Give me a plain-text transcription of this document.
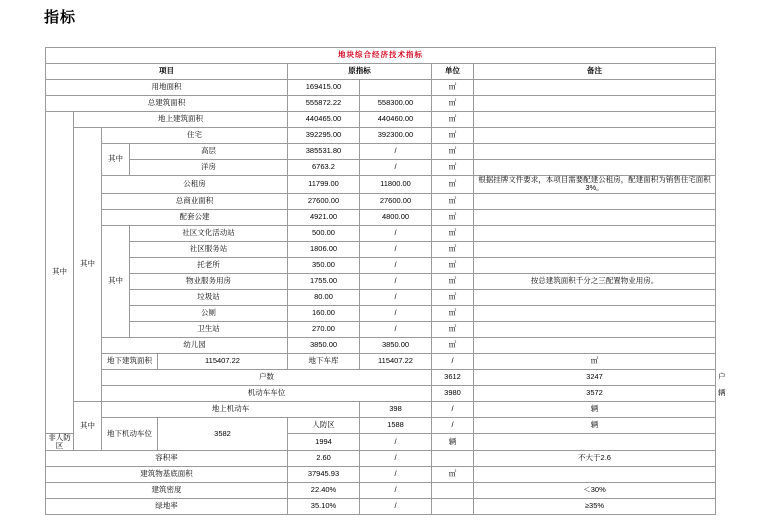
指标
地块综合经济技术指标									
项目					原指标		单位	备注	
用地面积					169415.00		㎡		
总建筑面积					555872.22	558300.00	㎡		
其中	地上建筑面积				440465.00	440460.00	㎡		
	其中	住宅			392295.00	392300.00	㎡		
		其中	高层		385531.80	/	㎡		
			洋房		6763.2	/	㎡		
		公租房			11799.00	11800.00	㎡	根据挂牌文件要求，本项目需要配建公租房，配建面积为销售住宅面积3%。	
		总商业面积			27600.00	27600.00	㎡		
		配套公建			4921.00	4800.00	㎡		
		其中	社区文化活动站		500.00	/	㎡		
			社区服务站		1806.00	/	㎡		
			托老所		350.00	/	㎡		
			物业服务用房		1755.00	/	㎡	按总建筑面积千分之三配置物业用房。	
			垃圾站		80.00	/	㎡		
			公厕		160.00	/	㎡		
			卫生站		270.00	/	㎡		
		幼儿园			3850.00	3850.00	㎡		
		地下建筑面积		115407.22	地下车库	115407.22	/	㎡	
		户数					3612	3247	户	
		机动车车位					3980	3572	辆	
	其中	地上机动车				398	/	辆	
		地下机动车位		3582	人防区	1588	/	辆	
非人防区					1994	/	辆		
容积率					2.60	/		不大于2.6	
建筑物基底面积					37945.93	/	㎡		
建筑密度					22.40%	/		＜30%	
绿地率					35.10%	/		≥35%	
